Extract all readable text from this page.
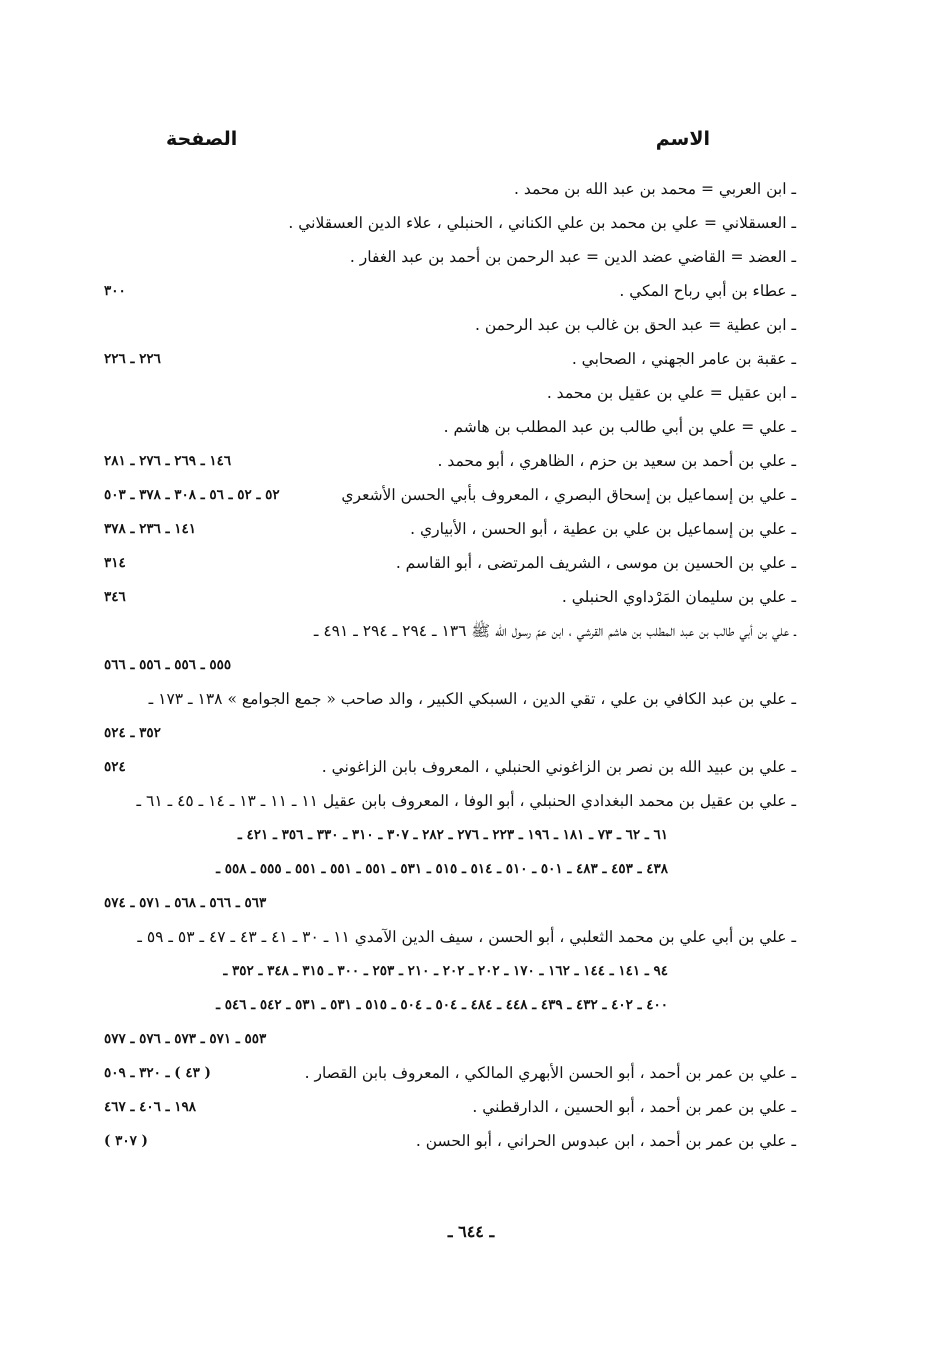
الاسم
الصفحة
ـ ابن العربي = محمد بن عبد الله بن محمد .
ـ العسقلاني = علي بن محمد بن علي الكناني ، الحنبلي ، علاء الدين العسقلاني .
ـ العضد = القاضي عضد الدين = عبد الرحمن بن أحمد بن عبد الغفار .
ـ عطاء بن أبي رباح المكي .
٣٠٠
ـ ابن عطية = عبد الحق بن غالب بن عبد الرحمن .
ـ عقبة بن عامر الجهني ، الصحابي .
٢٢٦ ـ ٢٢٦
ـ ابن عقيل = علي بن عقيل بن محمد .
ـ علي = علي بن أبي طالب بن عبد المطلب بن هاشم .
ـ علي بن أحمد بن سعيد بن حزم ، الظاهري ، أبو محمد .
١٤٦ ـ ٢٦٩ ـ ٢٧٦ ـ ٢٨١
ـ علي بن إسماعيل بن إسحاق البصري ، المعروف بأبي الحسن الأشعري
٥٢ ـ ٥٢ ـ ٥٦ ـ ٣٠٨ ـ ٣٧٨ ـ ٥٠٣
ـ علي بن إسماعيل بن علي بن عطية ، أبو الحسن ، الأبياري .
١٤١ ـ ٢٣٦ ـ ٣٧٨
ـ علي بن الحسين بن موسى ، الشريف المرتضى ، أبو القاسم .
٣١٤
ـ علي بن سليمان المَرْداوي الحنبلي .
٣٤٦
ـ علي بن أبي طالب بن عبد المطلب بن هاشم القرشي ، ابن عمّ رسول الله ﷺ ١٣٦ ـ ٢٩٤ ـ ٢٩٤ ـ ٤٩١ ـ
٥٥٥ ـ ٥٥٦ ـ ٥٥٦ ـ ٥٦٦
ـ علي بن عبد الكافي بن علي ، تقي الدين ، السبكي الكبير ، والد صاحب « جمع الجوامع » ١٣٨ ـ ١٧٣ ـ
٣٥٢ ـ ٥٢٤
ـ علي بن عبيد الله بن نصر بن الزاغوني الحنبلي ، المعروف بابن الزاغوني .
٥٢٤
ـ علي بن عقيل بن محمد البغدادي الحنبلي ، أبو الوفا ، المعروف بابن عقيل ١١ ـ ١١ ـ ١٣ ـ ١٤ ـ ٤٥ ـ ٦١ ـ
٦١ ـ ٦٢ ـ ٧٣ ـ ١٨١ ـ ١٩٦ ـ ٢٢٣ ـ ٢٧٦ ـ ٢٨٢ ـ ٣٠٧ ـ ٣١٠ ـ ٣٣٠ ـ ٣٥٦ ـ ٤٢١ ـ
٤٣٨ ـ ٤٥٣ ـ ٤٨٣ ـ ٥٠١ ـ ٥١٠ ـ ٥١٤ ـ ٥١٥ ـ ٥٣١ ـ ٥٥١ ـ ٥٥١ ـ ٥٥١ ـ ٥٥٥ ـ ٥٥٨ ـ
٥٦٣ ـ ٥٦٦ ـ ٥٦٨ ـ ٥٧١ ـ ٥٧٤
ـ علي بن أبي علي بن محمد الثعلبي ، أبو الحسن ، سيف الدين الآمدي ١١ ـ ٣٠ ـ ٤١ ـ ٤٣ ـ ٤٧ ـ ٥٣ ـ ٥٩ ـ
٩٤ ـ ١٤١ ـ ١٤٤ ـ ١٦٢ ـ ١٧٠ ـ ٢٠٢ ـ ٢٠٢ ـ ٢١٠ ـ ٢٥٣ ـ ٣٠٠ ـ ٣١٥ ـ ٣٤٨ ـ ٣٥٢ ـ
٤٠٠ ـ ٤٠٢ ـ ٤٣٢ ـ ٤٣٩ ـ ٤٤٨ ـ ٤٨٤ ـ ٥٠٤ ـ ٥٠٤ ـ ٥١٥ ـ ٥٣١ ـ ٥٣١ ـ ٥٤٢ ـ ٥٤٦ ـ
٥٥٣ ـ ٥٧١ ـ ٥٧٣ ـ ٥٧٦ ـ ٥٧٧
ـ علي بن عمر بن أحمد ، أبو الحسن الأبهري المالكي ، المعروف بابن القصار .
( ٤٣ ) ـ ٣٢٠ ـ ٥٠٩
ـ علي بن عمر بن أحمد ، أبو الحسين ، الدارقطني .
١٩٨ ـ ٤٠٦ ـ ٤٦٧
ـ علي بن عمر بن أحمد ، ابن عبدوس الحراني ، أبو الحسن .
( ٣٠٧ )
ـ ٦٤٤ ـ
